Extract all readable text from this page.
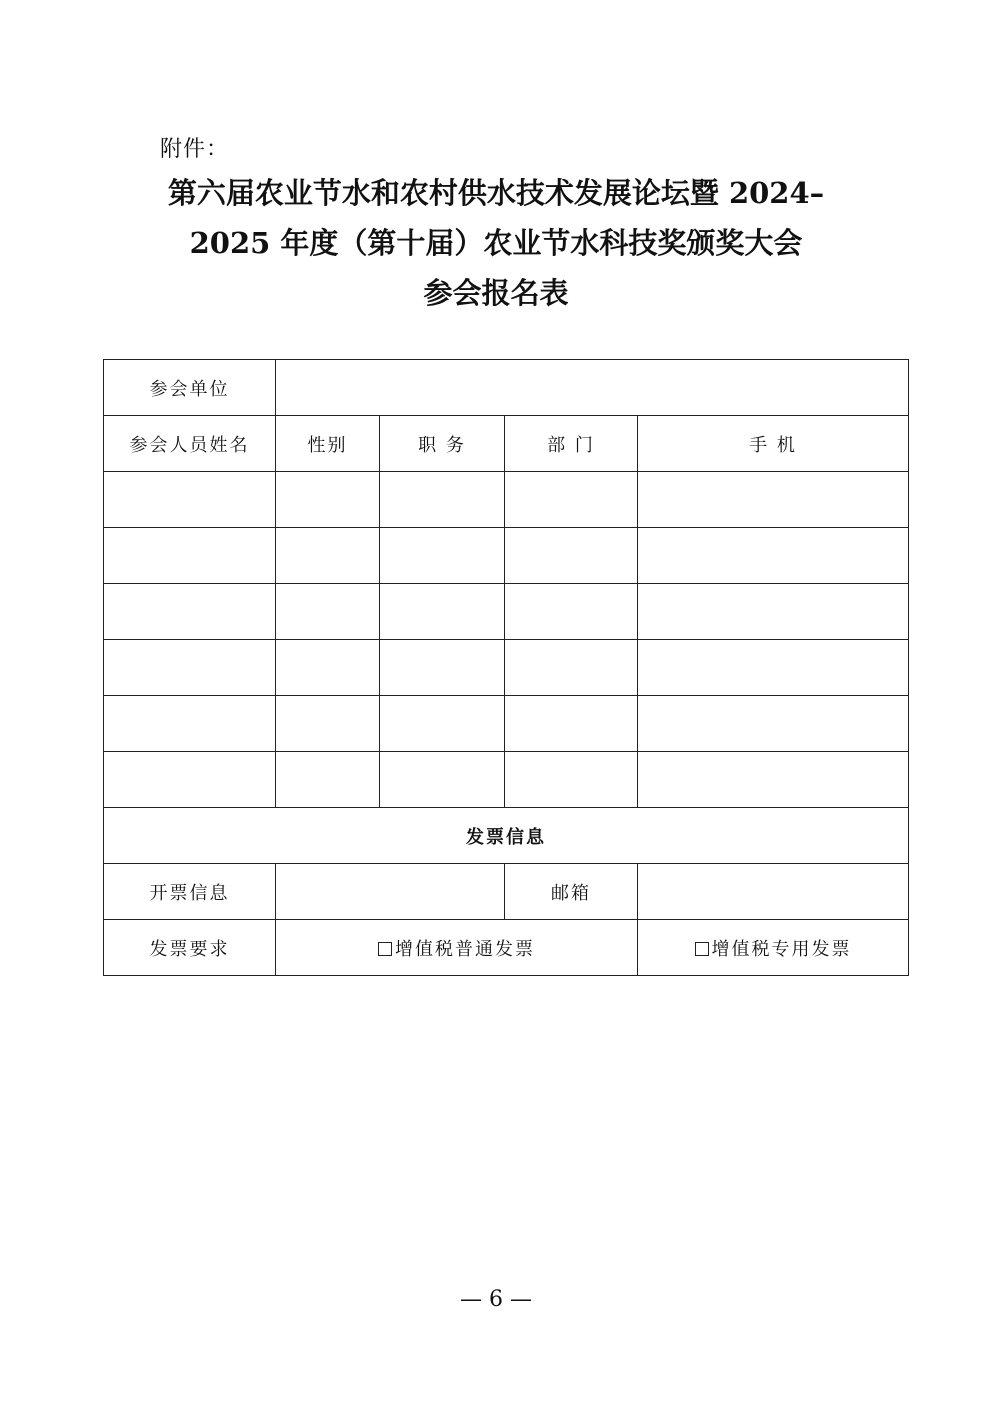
附件：
第六届农业节水和农村供水技术发展论坛暨 2024–
2025 年度（第十届）农业节水科技奖颁奖大会
参会报名表
参会单位				
参会人员姓名	性别	职 务	部 门	手 机

发票信息				
开票信息			邮箱	
发票要求	增值税普通发票			增值税专用发票
— 6 —
